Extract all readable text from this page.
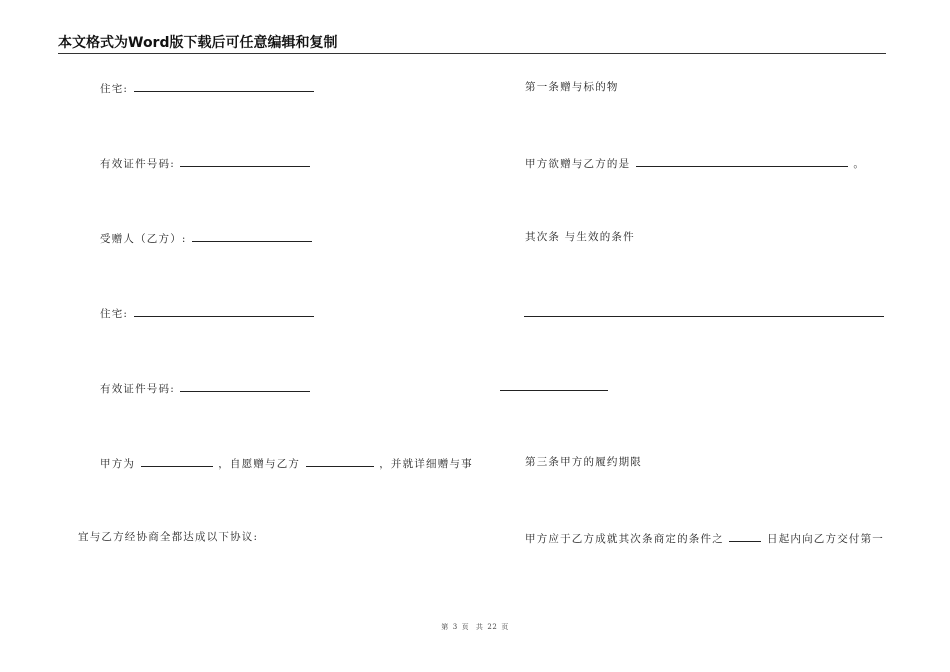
本文格式为Word版下载后可任意编辑和复制
住宅:
有效证件号码:
受赠人（乙方）:
住宅:
有效证件号码:
甲方为	，自愿赠与乙方	，并就详细赠与事
宜与乙方经协商全都达成以下协议:
第一条赠与标的物
甲方欲赠与乙方的是	。
其次条 与生效的条件
第三条甲方的履约期限
甲方应于乙方成就其次条商定的条件之	日起内向乙方交付第一
第 3 页 共 22 页
